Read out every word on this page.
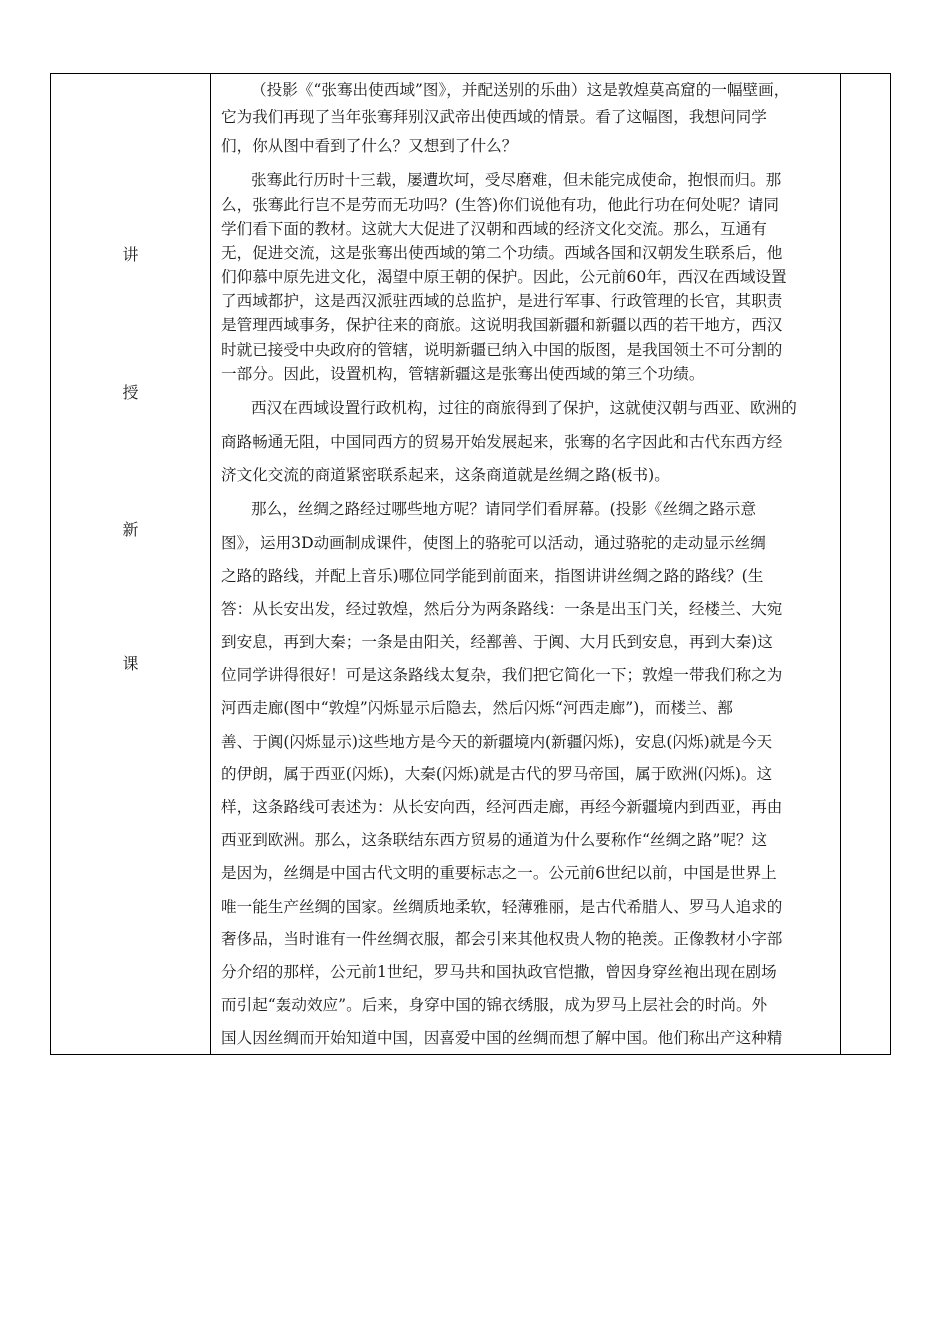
讲
授
新
课
（投影《“张骞出使西域”图》，并配送别的乐曲）这是敦煌莫高窟的一幅壁画，
它为我们再现了当年张骞拜别汉武帝出使西域的情景。看了这幅图，我想问同学
们，你从图中看到了什么？又想到了什么？
张骞此行历时十三载，屡遭坎坷，受尽磨难，但未能完成使命，抱恨而归。那
么，张骞此行岂不是劳而无功吗？(生答)你们说他有功，他此行功在何处呢？请同
学们看下面的教材。这就大大促进了汉朝和西域的经济文化交流。那么，互通有
无，促进交流，这是张骞出使西域的第二个功绩。西域各国和汉朝发生联系后，他
们仰慕中原先进文化，渴望中原王朝的保护。因此，公元前60年，西汉在西域设置
了西域都护，这是西汉派驻西域的总监护，是进行军事、行政管理的长官，其职责
是管理西域事务，保护往来的商旅。这说明我国新疆和新疆以西的若干地方，西汉
时就已接受中央政府的管辖，说明新疆已纳入中国的版图，是我国领土不可分割的
一部分。因此，设置机构，管辖新疆这是张骞出使西域的第三个功绩。
西汉在西域设置行政机构，过往的商旅得到了保护，这就使汉朝与西亚、欧洲的
商路畅通无阻，中国同西方的贸易开始发展起来，张骞的名字因此和古代东西方经
济文化交流的商道紧密联系起来，这条商道就是丝绸之路(板书)。
那么，丝绸之路经过哪些地方呢？请同学们看屏幕。(投影《丝绸之路示意
图》，运用3D动画制成课件，使图上的骆驼可以活动，通过骆驼的走动显示丝绸
之路的路线，并配上音乐)哪位同学能到前面来，指图讲讲丝绸之路的路线？(生
答：从长安出发，经过敦煌，然后分为两条路线：一条是出玉门关，经楼兰、大宛
到安息，再到大秦；一条是由阳关，经鄯善、于阗、大月氏到安息，再到大秦)这
位同学讲得很好！可是这条路线太复杂，我们把它简化一下；敦煌一带我们称之为
河西走廊(图中“敦煌”闪烁显示后隐去，然后闪烁“河西走廊”)，而楼兰、鄯
善、于阗(闪烁显示)这些地方是今天的新疆境内(新疆闪烁)，安息(闪烁)就是今天
的伊朗，属于西亚(闪烁)，大秦(闪烁)就是古代的罗马帝国，属于欧洲(闪烁)。这
样，这条路线可表述为：从长安向西，经河西走廊，再经今新疆境内到西亚，再由
西亚到欧洲。那么，这条联结东西方贸易的通道为什么要称作“丝绸之路”呢？这
是因为，丝绸是中国古代文明的重要标志之一。公元前6世纪以前，中国是世界上
唯一能生产丝绸的国家。丝绸质地柔软，轻薄雅丽，是古代希腊人、罗马人追求的
奢侈品，当时谁有一件丝绸衣服，都会引来其他权贵人物的艳羡。正像教材小字部
分介绍的那样，公元前1世纪，罗马共和国执政官恺撒，曾因身穿丝袍出现在剧场
而引起“轰动效应”。后来，身穿中国的锦衣绣服，成为罗马上层社会的时尚。外
国人因丝绸而开始知道中国，因喜爱中国的丝绸而想了解中国。他们称出产这种精
